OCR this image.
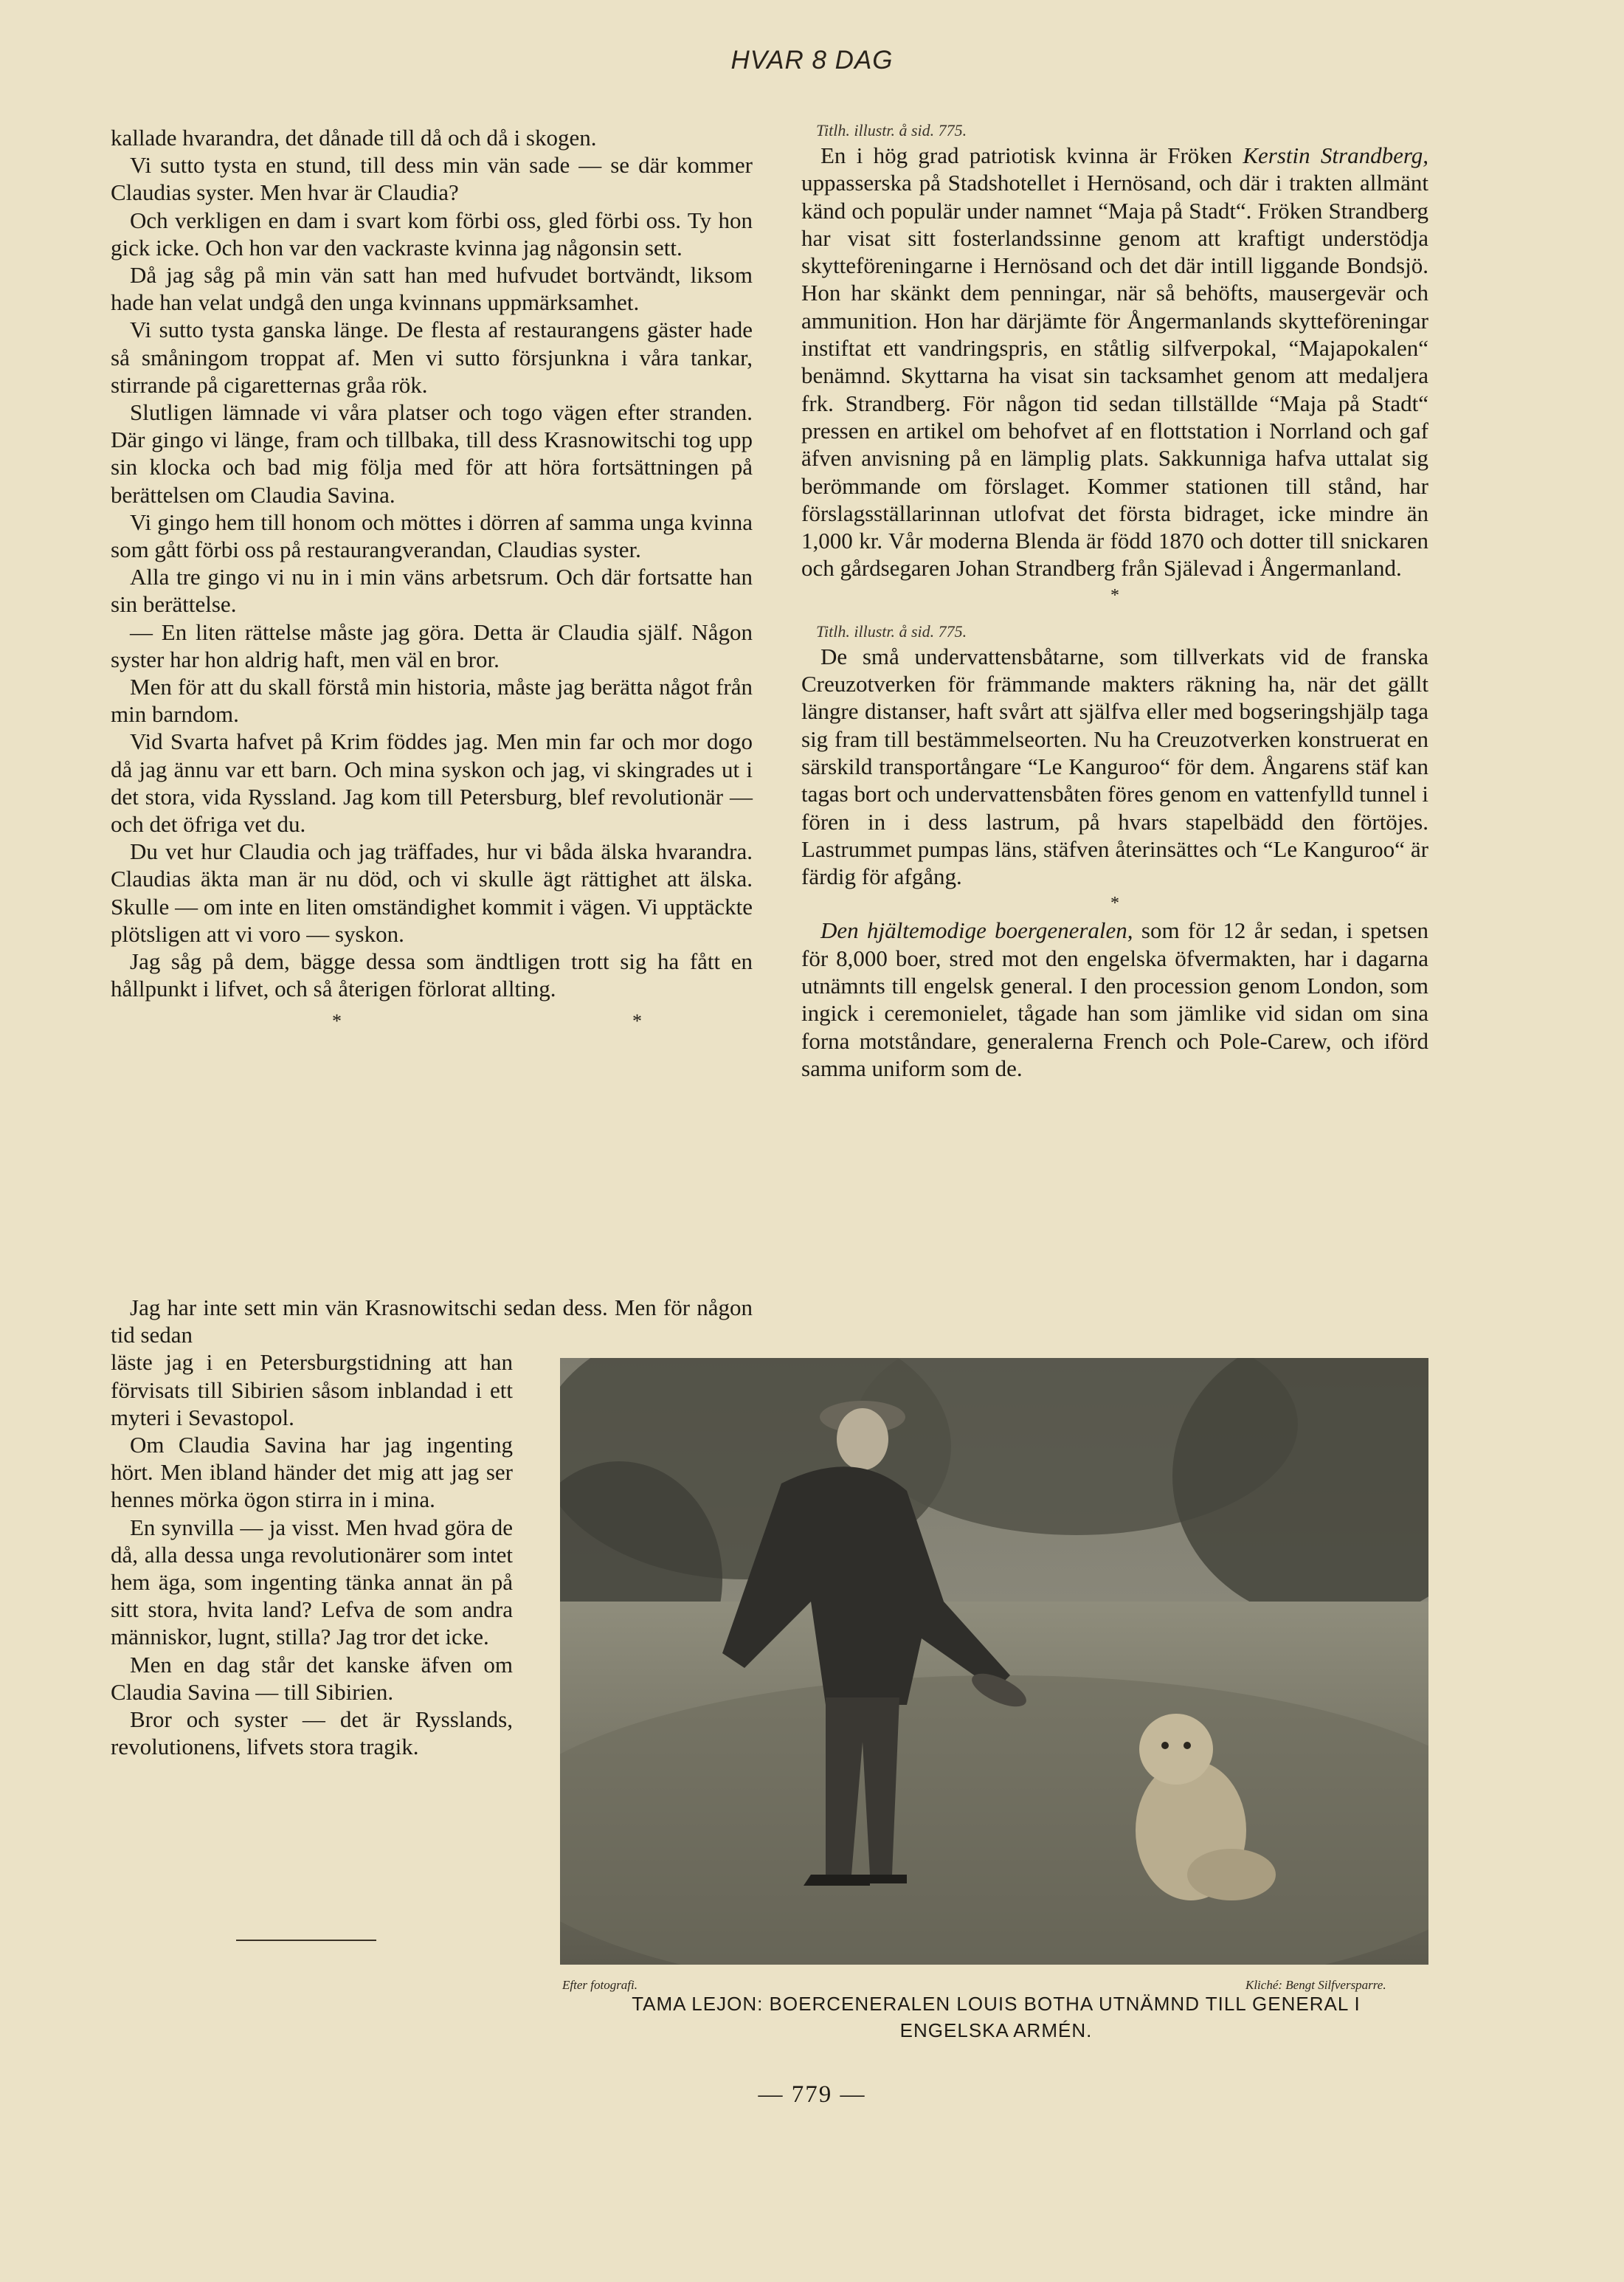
HVAR 8 DAG

kallade hvarandra, det dånade till då och då i skogen.

Vi sutto tysta en stund, till dess min vän sade — se där kommer Claudias syster. Men hvar är Claudia?

Och verkligen en dam i svart kom förbi oss, gled förbi oss. Ty hon gick icke. Och hon var den vackraste kvinna jag någonsin sett.

Då jag såg på min vän satt han med hufvudet bortvändt, liksom hade han velat undgå den unga kvinnans uppmärksamhet.

Vi sutto tysta ganska länge. De flesta af restaurangens gäster hade så småningom troppat af. Men vi sutto försjunkna i våra tankar, stirrande på cigaretternas gråa rök.

Slutligen lämnade vi våra platser och togo vägen efter stranden. Där gingo vi länge, fram och tillbaka, till dess Krasnowitschi tog upp sin klocka och bad mig följa med för att höra fortsättningen på berättelsen om Claudia Savina.

Vi gingo hem till honom och möttes i dörren af samma unga kvinna som gått förbi oss på restaurangverandan, Claudias syster.

Alla tre gingo vi nu in i min väns arbetsrum. Och där fortsatte han sin berättelse.

— En liten rättelse måste jag göra. Detta är Claudia själf. Någon syster har hon aldrig haft, men väl en bror.

Men för att du skall förstå min historia, måste jag berätta något från min barndom.

Vid Svarta hafvet på Krim föddes jag. Men min far och mor dogo då jag ännu var ett barn. Och mina syskon och jag, vi skingrades ut i det stora, vida Ryssland. Jag kom till Petersburg, blef revolutionär — och det öfriga vet du.

Du vet hur Claudia och jag träffades, hur vi båda älska hvarandra. Claudias äkta man är nu död, och vi skulle ägt rättighet att älska. Skulle — om inte en liten omständighet kommit i vägen. Vi upptäckte plötsligen att vi voro — syskon.

Jag såg på dem, bägge dessa som ändtligen trott sig ha fått en hållpunkt i lifvet, och så återigen förlorat allting.

*	*

Jag har inte sett min vän Krasnowitschi sedan dess. Men för någon tid sedan

läste jag i en Petersburgstidning att han förvisats till Sibirien såsom inblandad i ett myteri i Sevastopol.

Om Claudia Savina har jag ingenting hört. Men ibland händer det mig att jag ser hennes mörka ögon stirra in i mina.

En synvilla — ja visst. Men hvad göra de då, alla dessa unga revolutionärer som intet hem äga, som ingenting tänka annat än på sitt stora, hvita land? Lefva de som andra människor, lugnt, stilla? Jag tror det icke.

Men en dag står det kanske äfven om Claudia Savina — till Sibirien.

Bror och syster — det är Rysslands, revolutionens, lifvets stora tragik.

Titlh. illustr. å sid. 775.

En i hög grad patriotisk kvinna är Fröken Kerstin Strandberg, uppasserska på Stadshotellet i Hernösand, och där i trakten allmänt känd och populär under namnet “Maja på Stadt“. Fröken Strandberg har visat sitt fosterlandssinne genom att kraftigt understödja skytteföreningarne i Hernösand och det där intill liggande Bondsjö. Hon har skänkt dem penningar, när så behöfts, mausergevär och ammunition. Hon har därjämte för Ångermanlands skytteföreningar instiftat ett vandringspris, en ståtlig silfverpokal, “Majapokalen“ benämnd. Skyttarna ha visat sin tacksamhet genom att medaljera frk. Strandberg. För någon tid sedan tillställde “Maja på Stadt“ pressen en artikel om behofvet af en flottstation i Norrland och gaf äfven anvisning på en lämplig plats. Sakkunniga hafva uttalat sig berömmande om förslaget. Kommer stationen till stånd, har förslagsställarinnan utlofvat det första bidraget, icke mindre än 1,000 kr. Vår moderna Blenda är född 1870 och dotter till snickaren och gårdsegaren Johan Strandberg från Själevad i Ångermanland.

*

Titlh. illustr. å sid. 775.

De små undervattensbåtarne, som tillverkats vid de franska Creuzotverken för främmande makters räkning ha, när det gällt längre distanser, haft svårt att själfva eller med bogseringshjälp taga sig fram till bestämmelseorten. Nu ha Creuzotverken konstruerat en särskild transportångare “Le Kanguroo“ för dem. Ångarens stäf kan tagas bort och undervattensbåten föres genom en vattenfylld tunnel i fören in i dess lastrum, på hvars stapelbädd den förtöjes. Lastrummet pumpas läns, stäfven återinsättes och “Le Kanguroo“ är färdig för afgång.

*

Den hjältemodige boergeneralen, som för 12 år sedan, i spetsen för 8,000 boer, stred mot den engelska öfvermakten, har i dagarna utnämnts till engelsk general. I den procession genom London, som ingick i ceremonielet, tågade han som jämlike vid sidan om sina forna motståndare, generalerna French och Pole-Carew, och iförd samma uniform som de.

Efter fotografi.	Kliché: Bengt Silfversparre.
TAMA LEJON: BOERCENERALEN LOUIS BOTHA UTNÄMND TILL GENERAL I
ENGELSKA ARMÉN.
— 779 —
